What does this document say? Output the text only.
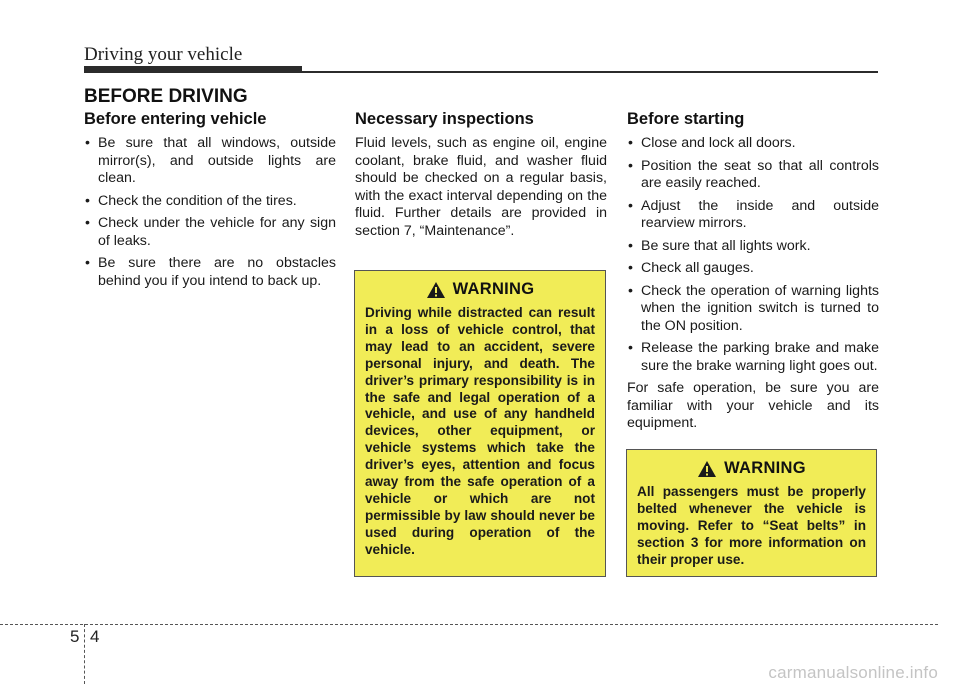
Driving your vehicle
BEFORE DRIVING
Before entering vehicle
• Be sure that all windows, outside mirror(s), and outside lights are clean.
• Check the condition of the tires.
• Check under the vehicle for any sign of leaks.
• Be sure there are no obstacles behind you if you intend to back up.
Necessary inspections

Fluid levels, such as engine oil, engine coolant, brake fluid, and washer fluid should be checked on a regular basis, with the exact interval depending on the fluid. Further details are provided in section 7, “Maintenance”.

Before starting
• Close and lock all doors.
• Position the seat so that all controls are easily reached.
• Adjust the inside and outside rearview mirrors.
• Be sure that all lights work.
• Check all gauges.
• Check the operation of warning lights when the ignition switch is turned to the ON position.
• Release the parking brake and make sure the brake warning light goes out.

For safe operation, be sure you are familiar with your vehicle and its equipment.

WARNING
Driving while distracted can result in a loss of vehicle control, that may lead to an accident, severe personal injury, and death. The driver’s primary responsibility is in the safe and legal operation of a vehicle, and use of any handheld devices, other equipment, or vehicle systems which take the driver’s eyes, attention and focus away from the safe operation of a vehicle or which are not permissible by law should never be used during operation of the vehicle.
WARNING
All passengers must be properly belted whenever the vehicle is moving. Refer to “Seat belts” in section 3 for more information on their proper use.
5 4
carmanualsonline.info
